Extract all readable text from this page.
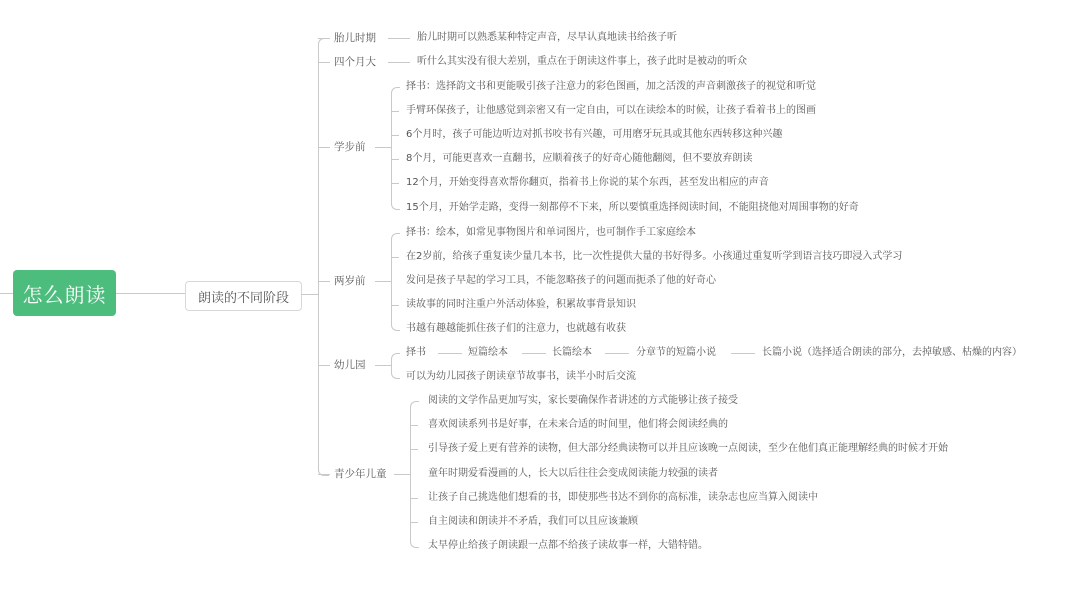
怎么朗读	朗读的不同阶段
胎儿时期	胎儿时期可以熟悉某种特定声音，尽早认真地读书给孩子听
四个月大	听什么其实没有很大差别，重点在于朗读这件事上，孩子此时是被动的听众
学步前
择书：选择韵文书和更能吸引孩子注意力的彩色图画，加之活泼的声音刺激孩子的视觉和听觉
手臂环保孩子，让他感觉到亲密又有一定自由，可以在读绘本的时候，让孩子看着书上的图画
6个月时，孩子可能边听边对抓书咬书有兴趣，可用磨牙玩具或其他东西转移这种兴趣
8个月，可能更喜欢一直翻书，应顺着孩子的好奇心随他翻阅，但不要放弃朗读
12个月，开始变得喜欢帮你翻页，指着书上你说的某个东西，甚至发出相应的声音
15个月，开始学走路，变得一刻都停不下来，所以要慎重选择阅读时间，不能阻挠他对周围事物的好奇
两岁前
择书：绘本，如常见事物图片和单词图片，也可制作手工家庭绘本
在2岁前，给孩子重复读少量几本书，比一次性提供大量的书好得多。小孩通过重复听学到语言技巧即浸入式学习
发问是孩子早起的学习工具，不能忽略孩子的问题而扼杀了他的好奇心
读故事的同时注重户外活动体验，积累故事背景知识
书越有趣越能抓住孩子们的注意力，也就越有收获
幼儿园
择书	短篇绘本	长篇绘本	分章节的短篇小说	长篇小说（选择适合朗读的部分，去掉敏感、枯燥的内容）
可以为幼儿园孩子朗读章节故事书，读半小时后交流
青少年儿童
阅读的文学作品更加写实，家长要确保作者讲述的方式能够让孩子接受
喜欢阅读系列书是好事，在未来合适的时间里，他们将会阅读经典的
引导孩子爱上更有营养的读物，但大部分经典读物可以并且应该晚一点阅读，至少在他们真正能理解经典的时候才开始
童年时期爱看漫画的人，长大以后往往会变成阅读能力较强的读者
让孩子自己挑选他们想看的书，即使那些书达不到你的高标准，读杂志也应当算入阅读中
自主阅读和朗读并不矛盾，我们可以且应该兼顾
太早停止给孩子朗读跟一点都不给孩子读故事一样，大错特错。
